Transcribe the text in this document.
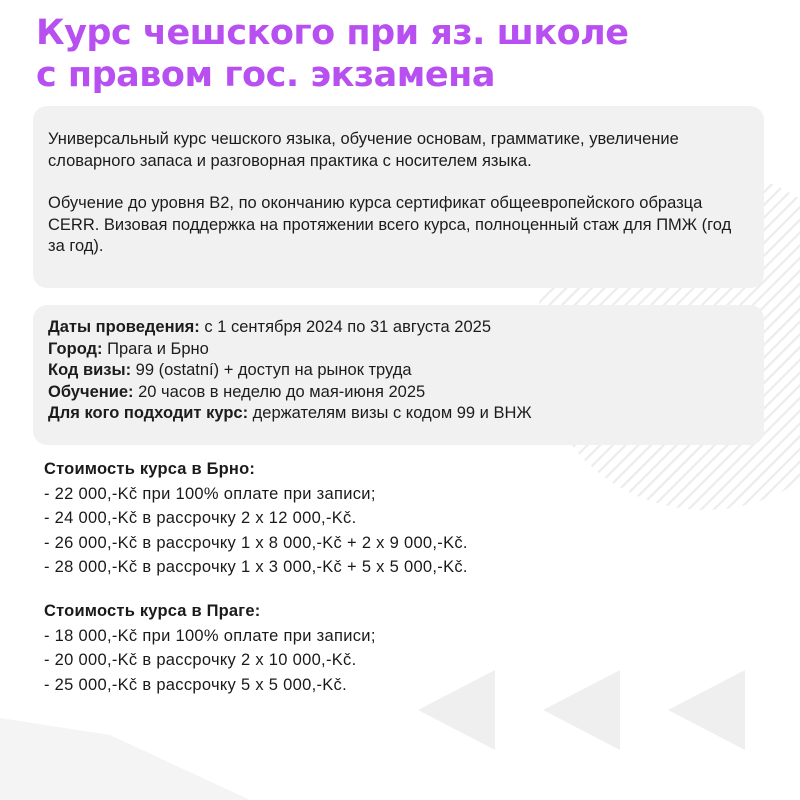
Курс чешского при яз. школе
с правом гос. экзамена

Универсальный курс чешского языка, обучение основам, грамматике, увеличение словарного запаса и разговорная практика с носителем языка.

Обучение до уровня B2, по окончанию курса сертификат общеевропейского образца CERR. Визовая поддержка на протяжении всего курса, полноценный стаж для ПМЖ (год за год).

Даты проведения: с 1 сентября 2024 по 31 августа 2025
Город: Прага и Брно
Код визы: 99 (ostatní) + доступ на рынок труда
Обучение: 20 часов в неделю до мая-июня 2025
Для кого подходит курс: держателям визы с кодом 99 и ВНЖ
Стоимость курса в Брно:
- 22 000,-Kč при 100% оплате при записи;
- 24 000,-Kč в рассрочку 2 x 12 000,-Kč.
- 26 000,-Kč в рассрочку 1 x 8 000,-Kč + 2 x 9 000,-Kč.
- 28 000,-Kč в рассрочку 1 x 3 000,-Kč + 5 x 5 000,-Kč.
Стоимость курса в Праге:
- 18 000,-Kč при 100% оплате при записи;
- 20 000,-Kč в рассрочку 2 x 10 000,-Kč.
- 25 000,-Kč в рассрочку 5 x 5 000,-Kč.
